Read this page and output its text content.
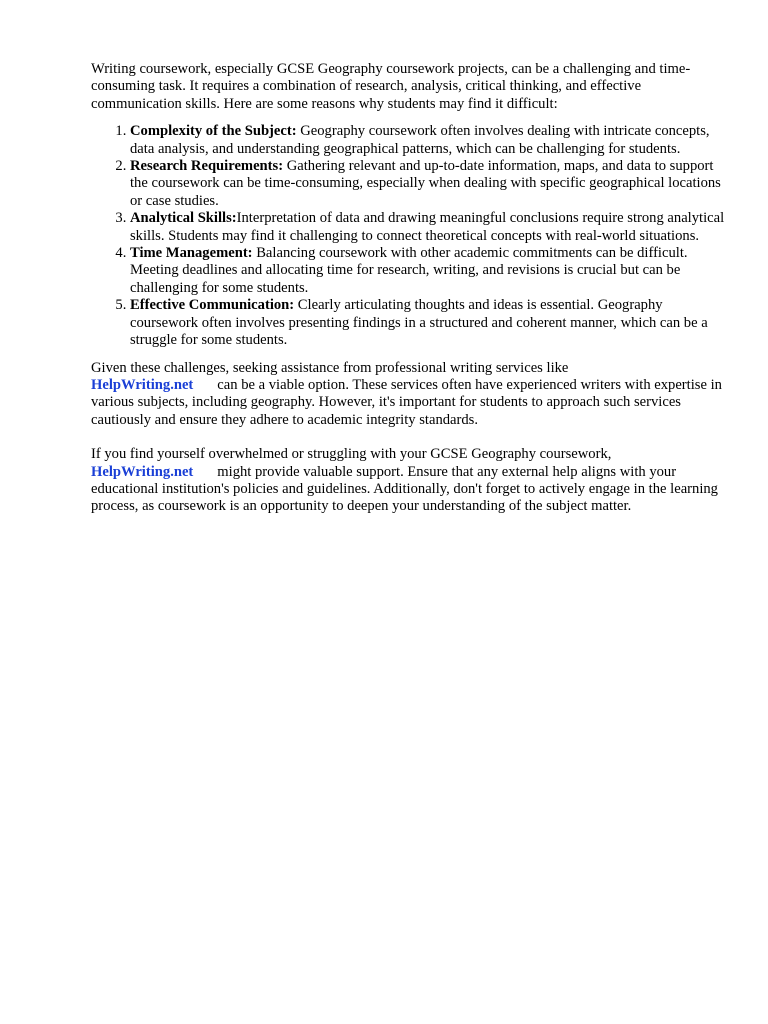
Writing coursework, especially GCSE Geography coursework projects, can be a challenging and time-consuming task. It requires a combination of research, analysis, critical thinking, and effective communication skills. Here are some reasons why students may find it difficult:

1. Complexity of the Subject: Geography coursework often involves dealing with intricate concepts, data analysis, and understanding geographical patterns, which can be challenging for students.
2. Research Requirements: Gathering relevant and up-to-date information, maps, and data to support the coursework can be time-consuming, especially when dealing with specific geographical locations or case studies.
3. Analytical Skills:Interpretation of data and drawing meaningful conclusions require strong analytical skills. Students may find it challenging to connect theoretical concepts with real-world situations.
4. Time Management: Balancing coursework with other academic commitments can be difficult. Meeting deadlines and allocating time for research, writing, and revisions is crucial but can be challenging for some students.
5. Effective Communication: Clearly articulating thoughts and ideas is essential. Geography coursework often involves presenting findings in a structured and coherent manner, which can be a struggle for some students.

Given these challenges, seeking assistance from professional writing services like
HelpWriting.net can be a viable option. These services often have experienced writers with expertise in various subjects, including geography. However, it's important for students to approach such services cautiously and ensure they adhere to academic integrity standards.

If you find yourself overwhelmed or struggling with your GCSE Geography coursework,
HelpWriting.net might provide valuable support. Ensure that any external help aligns with your educational institution's policies and guidelines. Additionally, don't forget to actively engage in the learning process, as coursework is an opportunity to deepen your understanding of the subject matter.
